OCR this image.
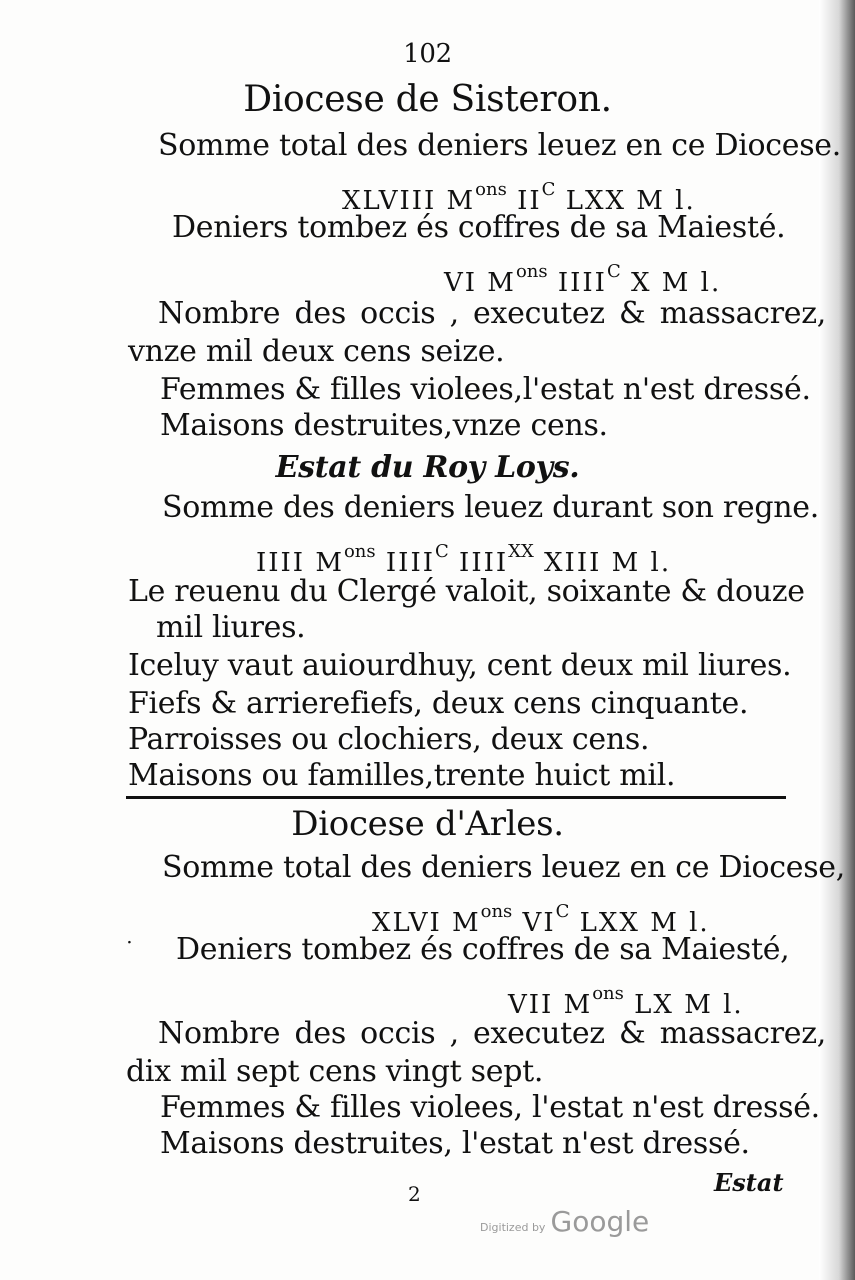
102
Diocese de Sisteron.
Somme total des deniers leuez en ce Diocese.
XLVIII $M^{ons}$ $II^C$ LXX M l.
Deniers tombez és coffres de sa Maiesté.
VI $M^{ons}$ $IIII^C$ X M l.
Nombre des occis , executez & massacrez,
vnze mil deux cens seize.
Femmes & filles violees,l'estat n'est dressé.
Maisons destruites,vnze cens.
Estat du Roy Loys.
Somme des deniers leuez durant son regne.
IIII $M^{ons}$ $IIII^C$ $IIII^{XX}$ XIII M l.
Le reuenu du Clergé valoit, soixante & douze
mil liures.
Iceluy vaut auiourdhuy, cent deux mil liures.
Fiefs & arrierefiefs, deux cens cinquante.
Parroisses ou clochiers, deux cens.
Maisons ou familles,trente huict mil.
Diocese d'Arles.
Somme total des deniers leuez en ce Diocese,
XLVI $M^{ons}$ $VI^C$ LXX M l.
⋅ Deniers tombez és coffres de sa Maiesté,
VII $M^{ons}$ LX M l.
Nombre des occis , executez & massacrez,
dix mil sept cens vingt sept.
Femmes & filles violees, l'estat n'est dressé.
Maisons destruites, l'estat n'est dressé.
Estat
2
Digitized by Google
